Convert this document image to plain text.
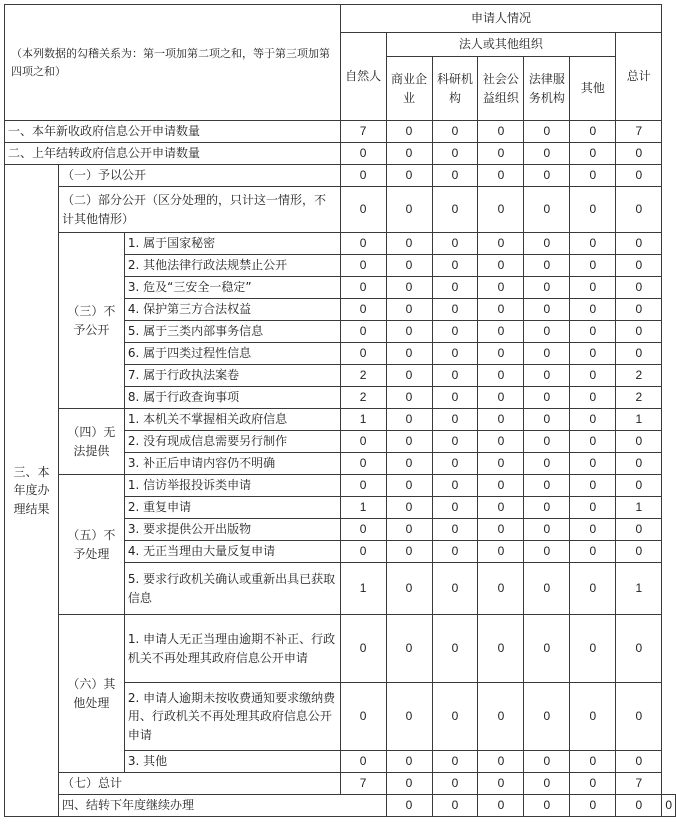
（本列数据的勾稽关系为：第一项加第二项之和，等于第三项加第四项之和）			申请人情况							
			自然人	法人或其他组织					总计	
				商业企业	科研机构	社会公益组织	法律服务机构	其他		
一、本年新收政府信息公开申请数量			7	0	0	0	0	0	7	
二、上年结转政府信息公开申请数量			0	0	0	0	0	0	0	
三、本年度办理结果	（一）予以公开		0	0	0	0	0	0	0	
	（二）部分公开（区分处理的，只计这一情形，不计其他情形）		0	0	0	0	0	0	0	
	（三）不予公开	1. 属于国家秘密	0	0	0	0	0	0	0	
		2. 其他法律行政法规禁止公开	0	0	0	0	0	0	0	
		3. 危及“三安全一稳定”	0	0	0	0	0	0	0	
		4. 保护第三方合法权益	0	0	0	0	0	0	0	
		5. 属于三类内部事务信息	0	0	0	0	0	0	0	
		6. 属于四类过程性信息	0	0	0	0	0	0	0	
		7. 属于行政执法案卷	2	0	0	0	0	0	2	
		8. 属于行政查询事项	2	0	0	0	0	0	2	
	（四）无法提供	1. 本机关不掌握相关政府信息	1	0	0	0	0	0	1	
		2. 没有现成信息需要另行制作	0	0	0	0	0	0	0	
		3. 补正后申请内容仍不明确	0	0	0	0	0	0	0	
	（五）不予处理	1. 信访举报投诉类申请	0	0	0	0	0	0	0	
		2. 重复申请	1	0	0	0	0	0	1	
		3. 要求提供公开出版物	0	0	0	0	0	0	0	
		4. 无正当理由大量反复申请	0	0	0	0	0	0	0	
		5. 要求行政机关确认或重新出具已获取信息	1	0	0	0	0	0	1	
	（六）其他处理	1. 申请人无正当理由逾期不补正、行政机关不再处理其政府信息公开申请	0	0	0	0	0	0	0	
		2. 申请人逾期未按收费通知要求缴纳费用、行政机关不再处理其政府信息公开申请	0	0	0	0	0	0	0	
		3. 其他	0	0	0	0	0	0	0	
	（七）总计		7	0	0	0	0	0	7	
	四、结转下年度继续办理			0	0	0	0	0	0	0
